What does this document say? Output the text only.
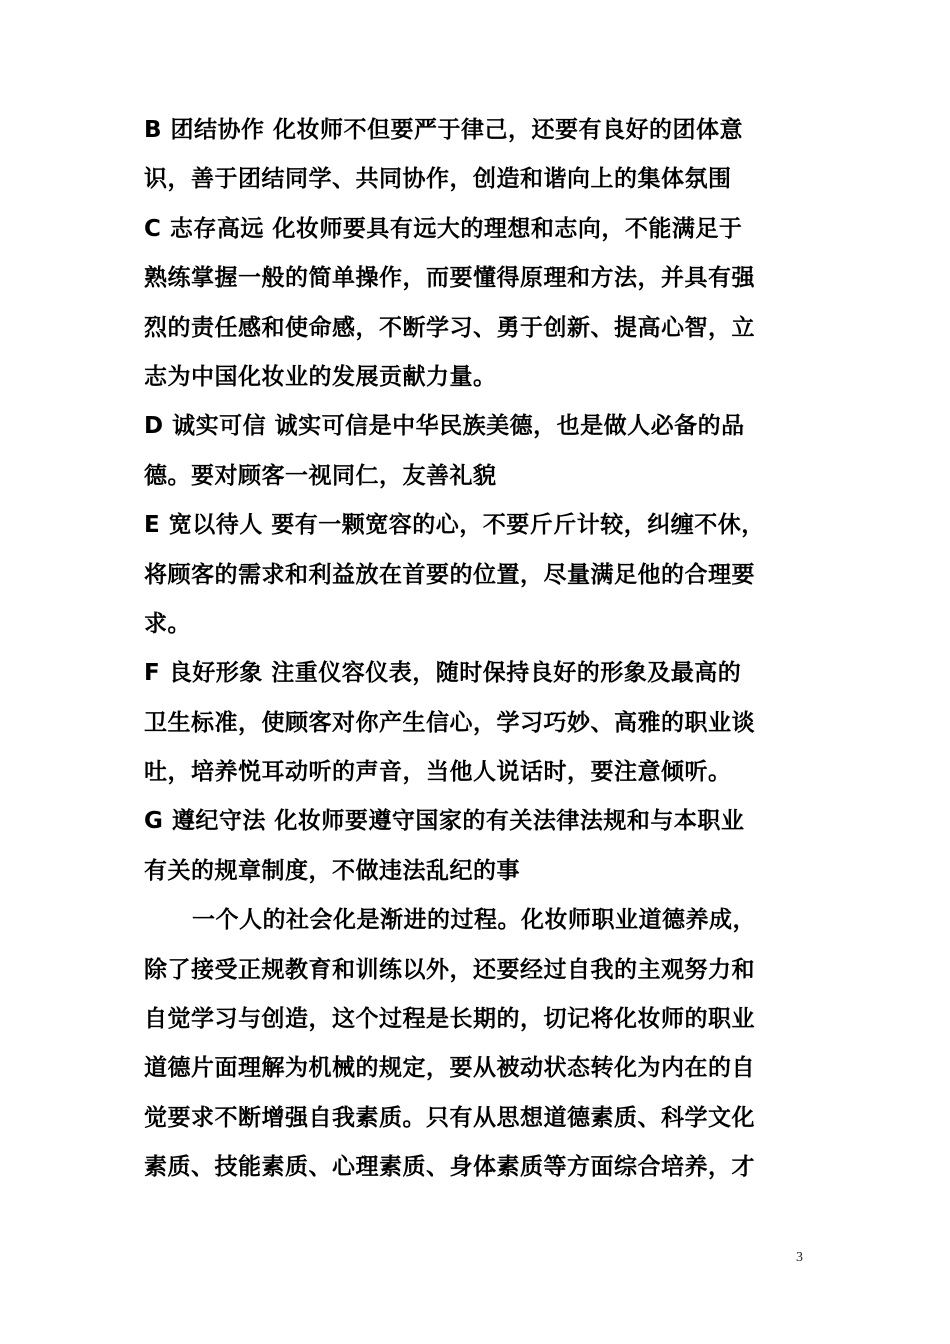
B 团结协作 化妆师不但要严于律己，还要有良好的团体意
识，善于团结同学、共同协作，创造和谐向上的集体氛围
C 志存高远 化妆师要具有远大的理想和志向，不能满足于
熟练掌握一般的简单操作，而要懂得原理和方法，并具有强
烈的责任感和使命感，不断学习、勇于创新、提高心智，立
志为中国化妆业的发展贡献力量。
D 诚实可信 诚实可信是中华民族美德，也是做人必备的品
德。要对顾客一视同仁，友善礼貌
E 宽以待人 要有一颗宽容的心，不要斤斤计较，纠缠不休，
将顾客的需求和利益放在首要的位置，尽量满足他的合理要
求。
F 良好形象 注重仪容仪表，随时保持良好的形象及最高的
卫生标准，使顾客对你产生信心，学习巧妙、高雅的职业谈
吐，培养悦耳动听的声音，当他人说话时，要注意倾听。
G 遵纪守法 化妆师要遵守国家的有关法律法规和与本职业
有关的规章制度，不做违法乱纪的事
一个人的社会化是渐进的过程。化妆师职业道德养成，
除了接受正规教育和训练以外，还要经过自我的主观努力和
自觉学习与创造，这个过程是长期的，切记将化妆师的职业
道德片面理解为机械的规定，要从被动状态转化为内在的自
觉要求不断增强自我素质。只有从思想道德素质、科学文化
素质、技能素质、心理素质、身体素质等方面综合培养，才
3
